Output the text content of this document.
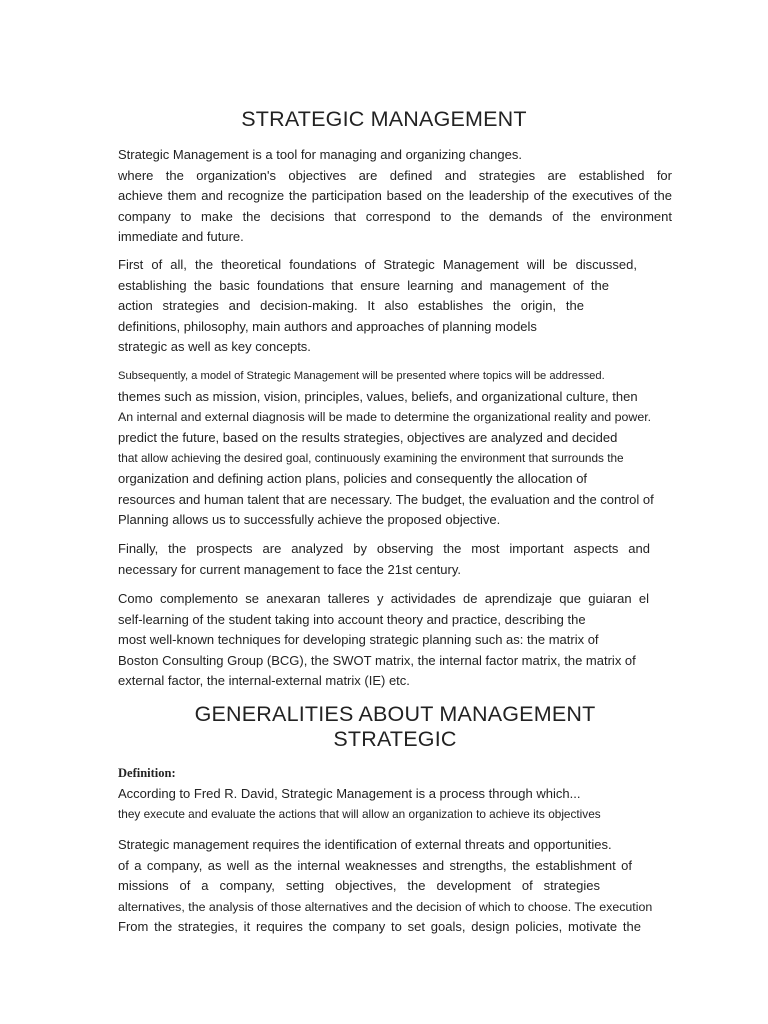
STRATEGIC MANAGEMENT
Strategic Management is a tool for managing and organizing changes.
where the organization's objectives are defined and strategies are established for
achieve them and recognize the participation based on the leadership of the executives of the
company to make the decisions that correspond to the demands of the environment
immediate and future.
First of all, the theoretical foundations of Strategic Management will be discussed,
establishing the basic foundations that ensure learning and management of the
action strategies and decision-making. It also establishes the origin, the
definitions, philosophy, main authors and approaches of planning models
strategic as well as key concepts.
Subsequently, a model of Strategic Management will be presented where topics will be addressed.
themes such as mission, vision, principles, values, beliefs, and organizational culture, then
An internal and external diagnosis will be made to determine the organizational reality and power.
predict the future, based on the results strategies, objectives are analyzed and decided
that allow achieving the desired goal, continuously examining the environment that surrounds the
organization and defining action plans, policies and consequently the allocation of
resources and human talent that are necessary. The budget, the evaluation and the control of
Planning allows us to successfully achieve the proposed objective.
Finally, the prospects are analyzed by observing the most important aspects and
necessary for current management to face the 21st century.
Como complemento se anexaran talleres y actividades de aprendizaje que guiaran el
self-learning of the student taking into account theory and practice, describing the
most well-known techniques for developing strategic planning such as: the matrix of
Boston Consulting Group (BCG), the SWOT matrix, the internal factor matrix, the matrix of
external factor, the internal-external matrix (IE) etc.
GENERALITIES ABOUT MANAGEMENT
STRATEGIC
Definition:
According to Fred R. David, Strategic Management is a process through which...
they execute and evaluate the actions that will allow an organization to achieve its objectives
Strategic management requires the identification of external threats and opportunities.
of a company, as well as the internal weaknesses and strengths, the establishment of
missions of a company, setting objectives, the development of strategies
alternatives, the analysis of those alternatives and the decision of which to choose. The execution
From the strategies, it requires the company to set goals, design policies, motivate the
